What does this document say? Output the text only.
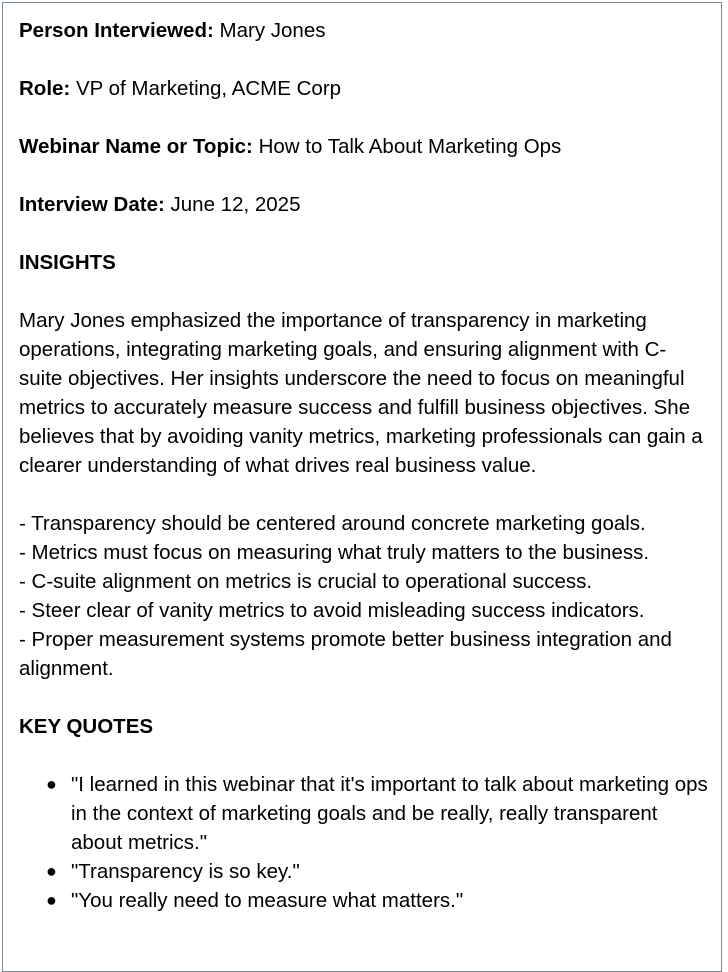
Person Interviewed: Mary Jones
Role: VP of Marketing, ACME Corp
Webinar Name or Topic: How to Talk About Marketing Ops
Interview Date: June 12, 2025
INSIGHTS
Mary Jones emphasized the importance of transparency in marketing operations, integrating marketing goals, and ensuring alignment with C-suite objectives. Her insights underscore the need to focus on meaningful metrics to accurately measure success and fulfill business objectives. She believes that by avoiding vanity metrics, marketing professionals can gain a clearer understanding of what drives real business value.
- Transparency should be centered around concrete marketing goals.
- Metrics must focus on measuring what truly matters to the business.
- C-suite alignment on metrics is crucial to operational success.
- Steer clear of vanity metrics to avoid misleading success indicators.
- Proper measurement systems promote better business integration and alignment.
KEY QUOTES
● "I learned in this webinar that it's important to talk about marketing ops in the context of marketing goals and be really, really transparent about metrics."
● "Transparency is so key."
● "You really need to measure what matters."
